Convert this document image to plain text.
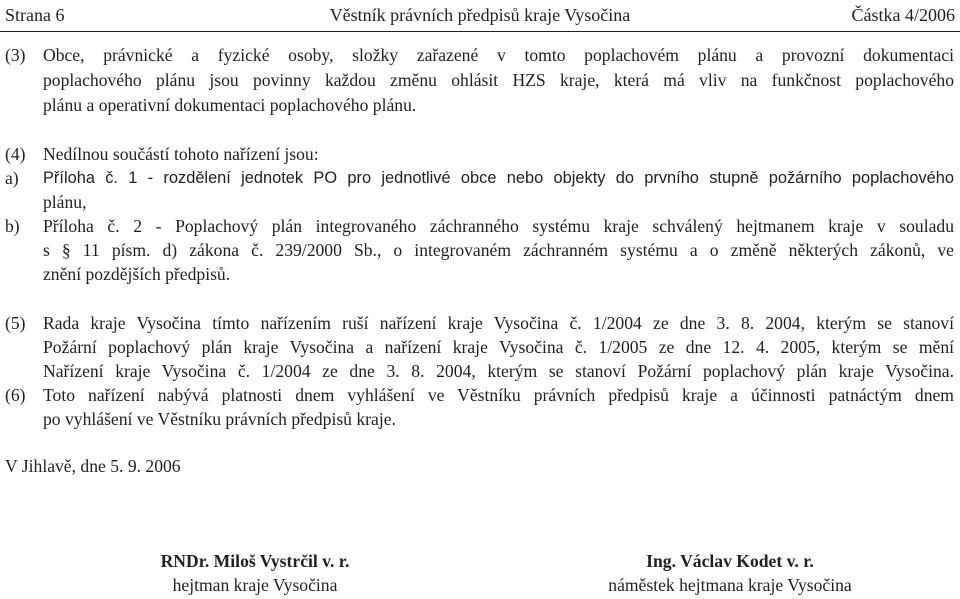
Věstník právních předpisů kraje Vysočina
Strana 6	Částka 4/2006
(3) Obce, právnické a fyzické osoby, složky zařazené v tomto poplachovém plánu a provozní dokumentaci
poplachového plánu jsou povinny každou změnu ohlásit HZS kraje, která má vliv na funkčnost poplachového
plánu a operativní dokumentaci poplachového plánu.
(4) Nedílnou součástí tohoto nařízení jsou:
a) Příloha č. 1 - rozdělení jednotek PO pro jednotlivé obce nebo objekty do prvního stupně požárního poplachového
plánu,
b) Příloha č. 2 - Poplachový plán integrovaného záchranného systému kraje schválený hejtmanem kraje v souladu
s § 11 písm. d) zákona č. 239/2000 Sb., o integrovaném záchranném systému a o změně některých zákonů, ve
znění pozdějších předpisů.
(5) Rada kraje Vysočina tímto nařízením ruší nařízení kraje Vysočina č. 1/2004 ze dne 3. 8. 2004, kterým se stanoví
Požární poplachový plán kraje Vysočina a nařízení kraje Vysočina č. 1/2005 ze dne 12. 4. 2005, kterým se mění
Nařízení kraje Vysočina č. 1/2004 ze dne 3. 8. 2004, kterým se stanoví Požární poplachový plán kraje Vysočina.
(6) Toto nařízení nabývá platnosti dnem vyhlášení ve Věstníku právních předpisů kraje a účinnosti patnáctým dnem
po vyhlášení ve Věstníku právních předpisů kraje.
V Jihlavě, dne 5. 9. 2006
RNDr. Miloš Vystrčil v. r.
hejtman kraje Vysočina
Ing. Václav Kodet v. r.
náměstek hejtmana kraje Vysočina
